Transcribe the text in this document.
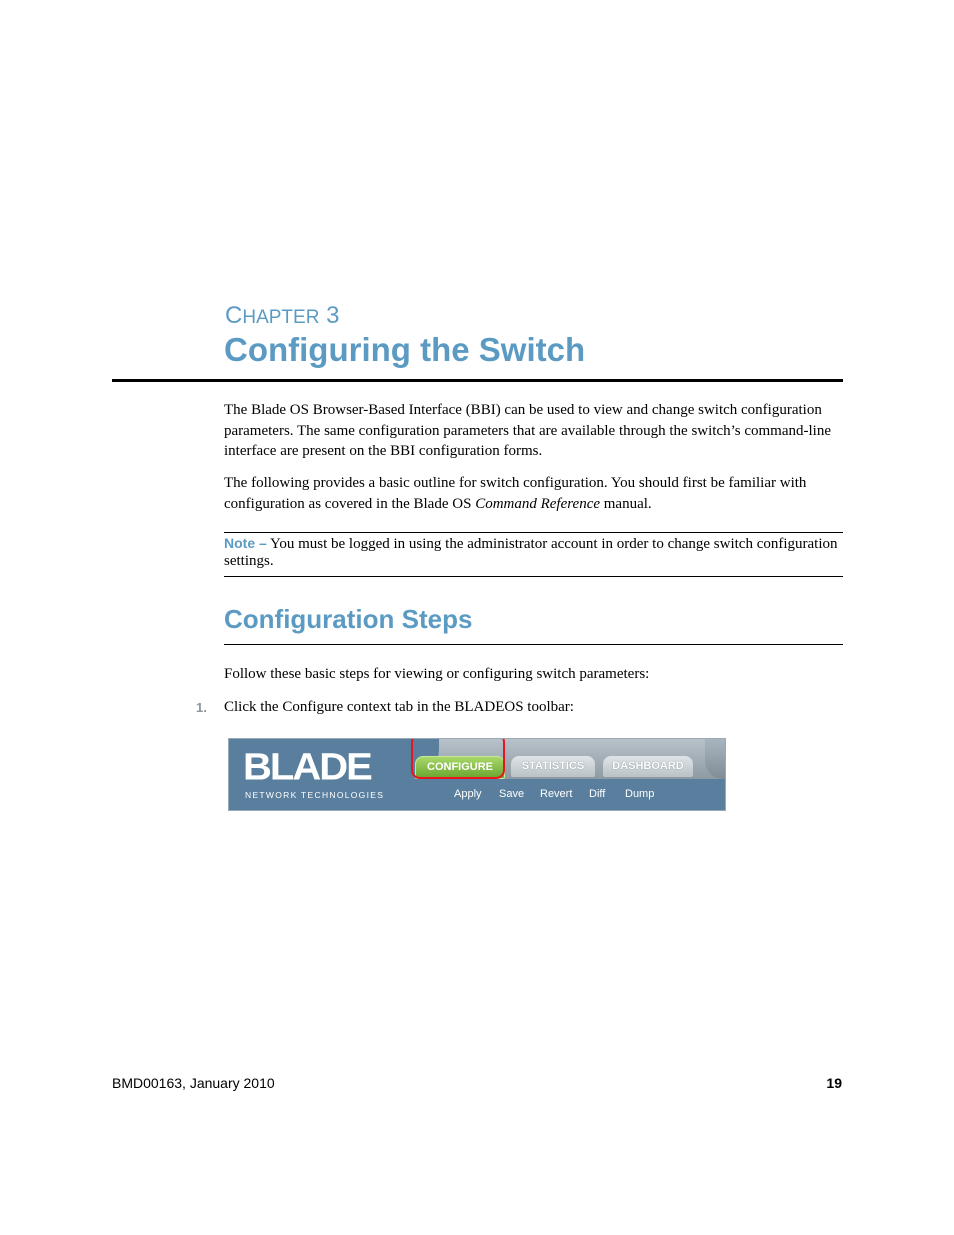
CHAPTER 3
Configuring the Switch
The Blade OS Browser-Based Interface (BBI) can be used to view and change switch configuration parameters. The same configuration parameters that are available through the switch’s command-line interface are present on the BBI configuration forms.
The following provides a basic outline for switch configuration. You should first be familiar with configuration as covered in the Blade OS Command Reference manual.
Note – You must be logged in using the administrator account in order to change switch configuration settings.
Configuration Steps
Follow these basic steps for viewing or configuring switch parameters:
1. Click the Configure context tab in the BLADEOS toolbar:
BLADE
NETWORK TECHNOLOGIES
CONFIGURE	STATISTICS	DASHBOARD
Apply Save Revert Diff Dump
BMD00163, January 2010	19
